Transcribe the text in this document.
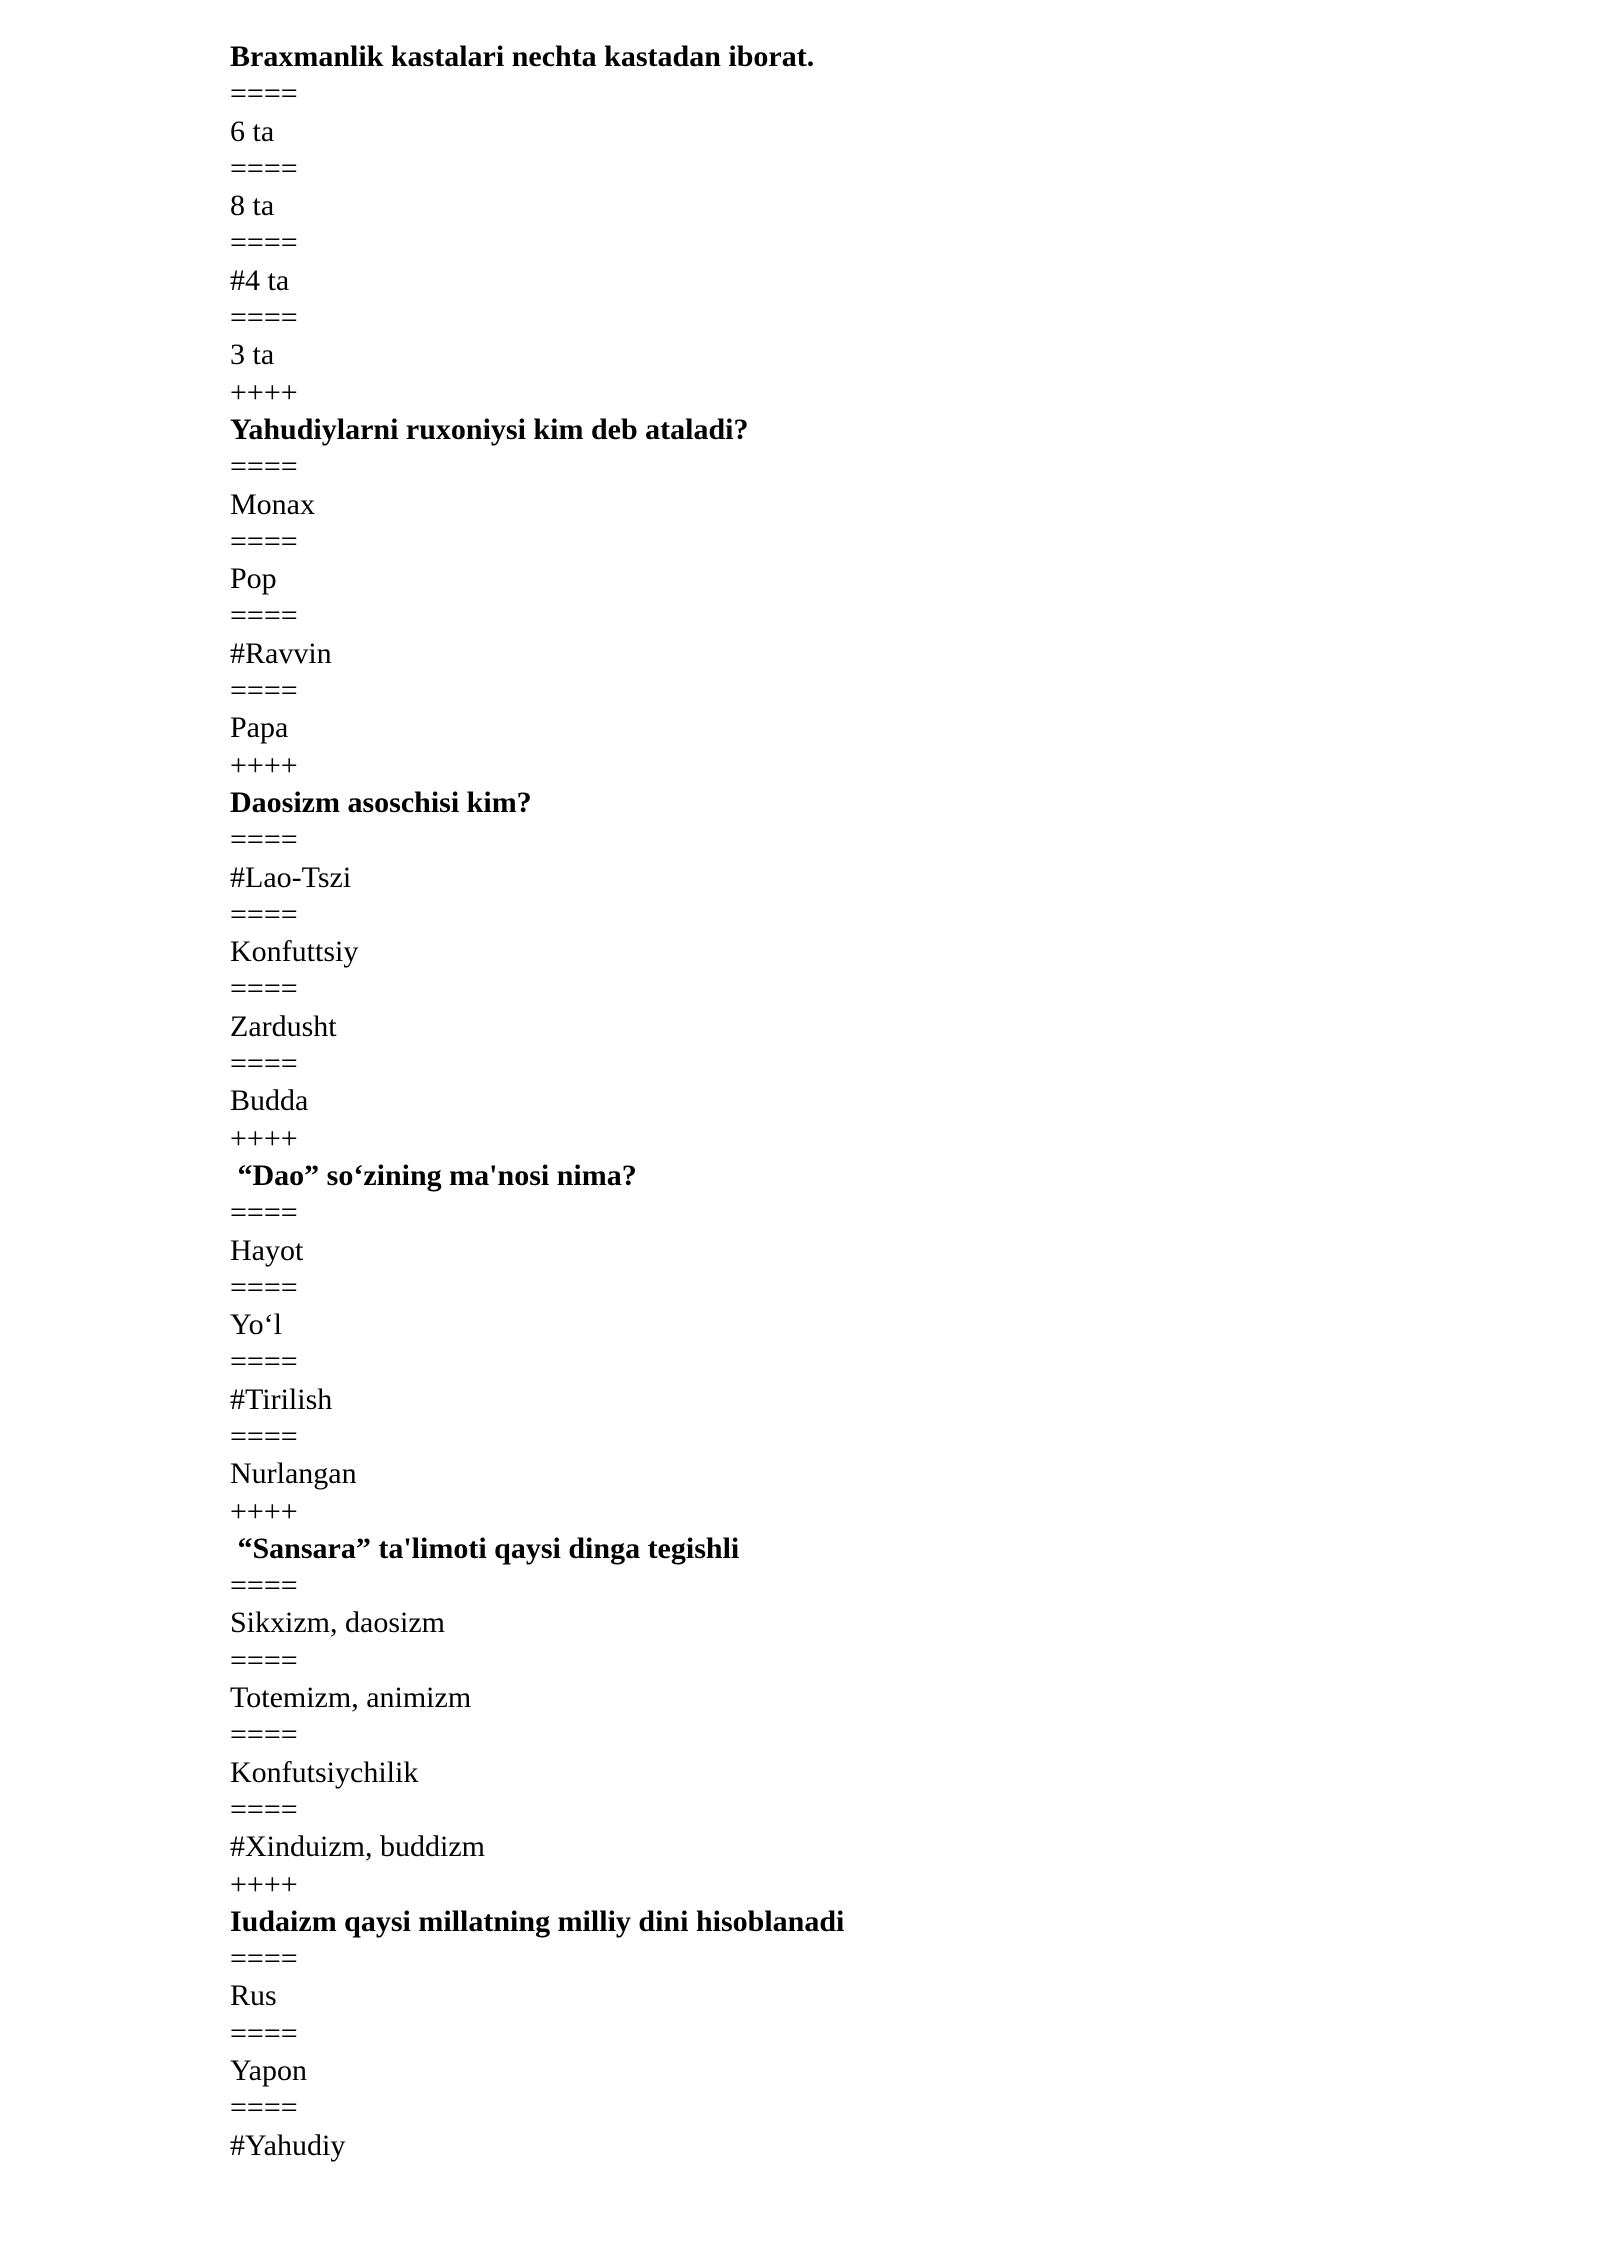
Braxmanlik kastalari nechta kastadan iborat.
====
6 ta
====
8 ta
====
#4 ta
====
3 ta
++++
Yahudiylarni ruxoniysi kim deb ataladi?
====
Monax
====
Pop
====
#Ravvin
====
Papa
++++
Daosizm asoschisi kim?
====
#Lao-Tszi
====
Konfuttsiy
====
Zardusht
====
Budda
++++
“Dao” so‘zining ma'nosi nima?
====
Hayot
====
Yo‘l
====
#Tirilish
====
Nurlangan
++++
“Sansara” ta'limoti qaysi dinga tegishli
====
Sikxizm, daosizm
====
Totemizm, animizm
====
Konfutsiychilik
====
#Xinduizm, buddizm
++++
Iudaizm qaysi millatning milliy dini hisoblanadi
====
Rus
====
Yapon
====
#Yahudiy
